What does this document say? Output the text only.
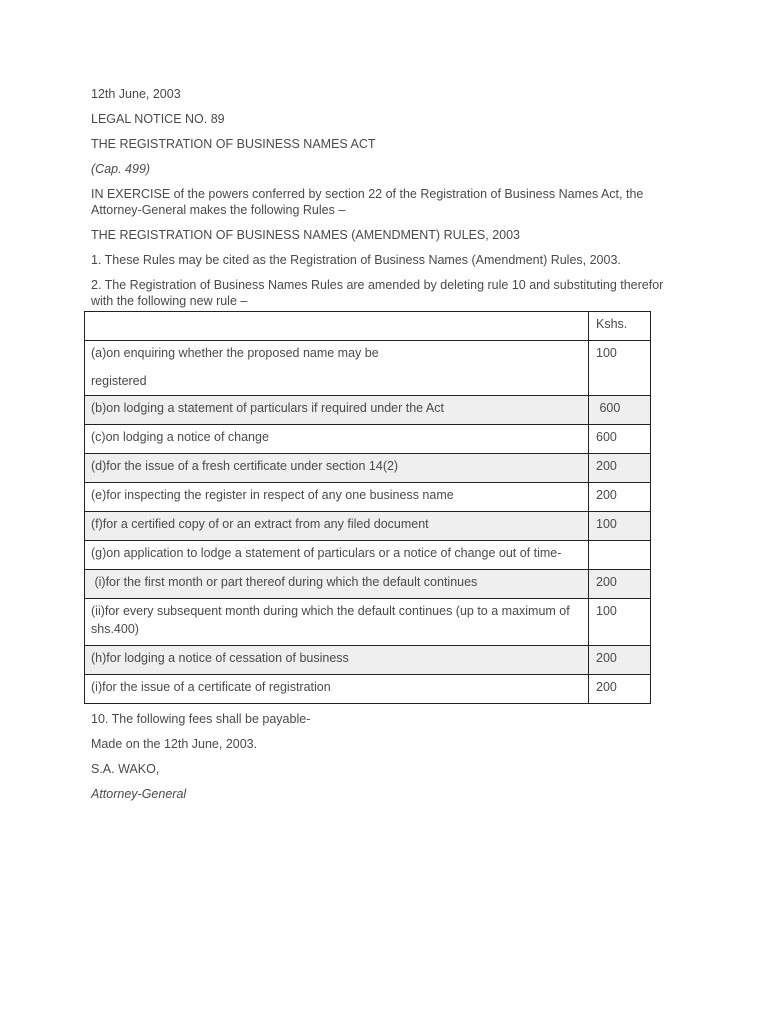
12th June, 2003

LEGAL NOTICE NO. 89

THE REGISTRATION OF BUSINESS NAMES ACT

(Cap. 499)

IN EXERCISE of the powers conferred by section 22 of the Registration of Business Names Act, the Attorney-General makes the following Rules –

THE REGISTRATION OF BUSINESS NAMES (AMENDMENT) RULES, 2003

1. These Rules may be cited as the Registration of Business Names (Amendment) Rules, 2003.

2. The Registration of Business Names Rules are amended by deleting rule 10 and substituting therefor with the following new rule –

	Kshs.
(a)on enquiring whether the proposed name may be
registered	100
(b)on lodging a statement of particulars if required under the Act	600
(c)on lodging a notice of change	600
(d)for the issue of a fresh certificate under section 14(2)	200
(e)for inspecting the register in respect of any one business name	200
(f)for a certified copy of or an extract from any filed document	100
(g)on application to lodge a statement of particulars or a notice of change out of time-	
(i)for the first month or part thereof during which the default continues	200
(ii)for every subsequent month during which the default continues (up to a maximum of shs.400)	100
(h)for lodging a notice of cessation of business	200
(i)for the issue of a certificate of registration	200

10. The following fees shall be payable-

Made on the 12th June, 2003.

S.A. WAKO,

Attorney-General
